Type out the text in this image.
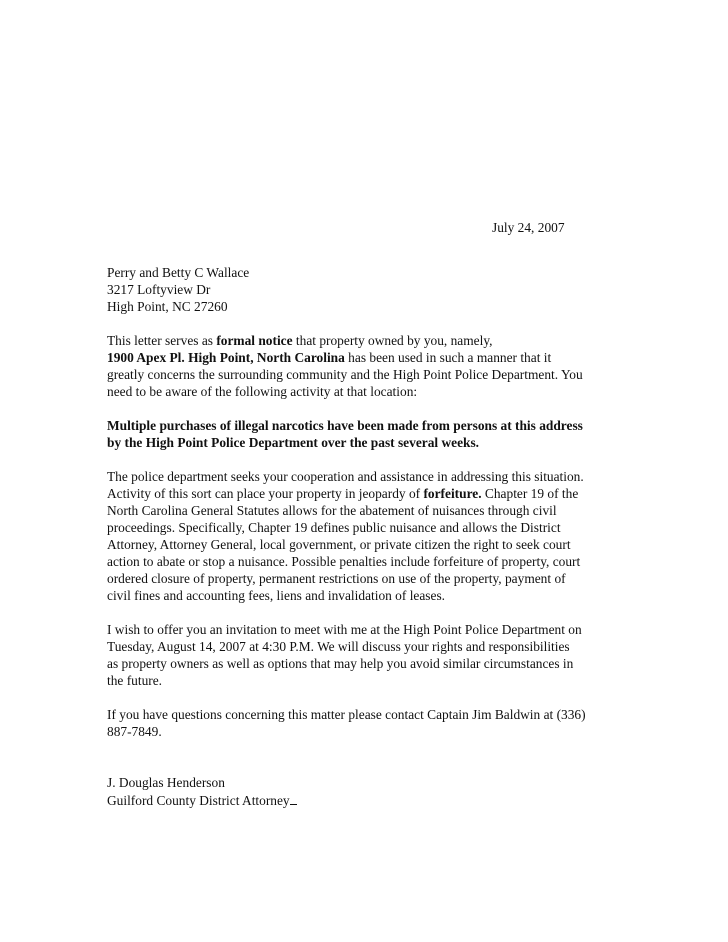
July 24, 2007
Perry and Betty C Wallace
3217 Loftyview Dr
High Point, NC 27260
This letter serves as formal notice that property owned by you, namely,
1900 Apex Pl. High Point, North Carolina has been used in such a manner that it
greatly concerns the surrounding community and the High Point Police Department. You
need to be aware of the following activity at that location:
Multiple purchases of illegal narcotics have been made from persons at this address
by the High Point Police Department over the past several weeks.
The police department seeks your cooperation and assistance in addressing this situation.
Activity of this sort can place your property in jeopardy of forfeiture. Chapter 19 of the
North Carolina General Statutes allows for the abatement of nuisances through civil
proceedings. Specifically, Chapter 19 defines public nuisance and allows the District
Attorney, Attorney General, local government, or private citizen the right to seek court
action to abate or stop a nuisance. Possible penalties include forfeiture of property, court
ordered closure of property, permanent restrictions on use of the property, payment of
civil fines and accounting fees, liens and invalidation of leases.
I wish to offer you an invitation to meet with me at the High Point Police Department on
Tuesday, August 14, 2007 at 4:30 P.M. We will discuss your rights and responsibilities
as property owners as well as options that may help you avoid similar circumstances in
the future.
If you have questions concerning this matter please contact Captain Jim Baldwin at (336)
887-7849.
J. Douglas Henderson
Guilford County District Attorney
